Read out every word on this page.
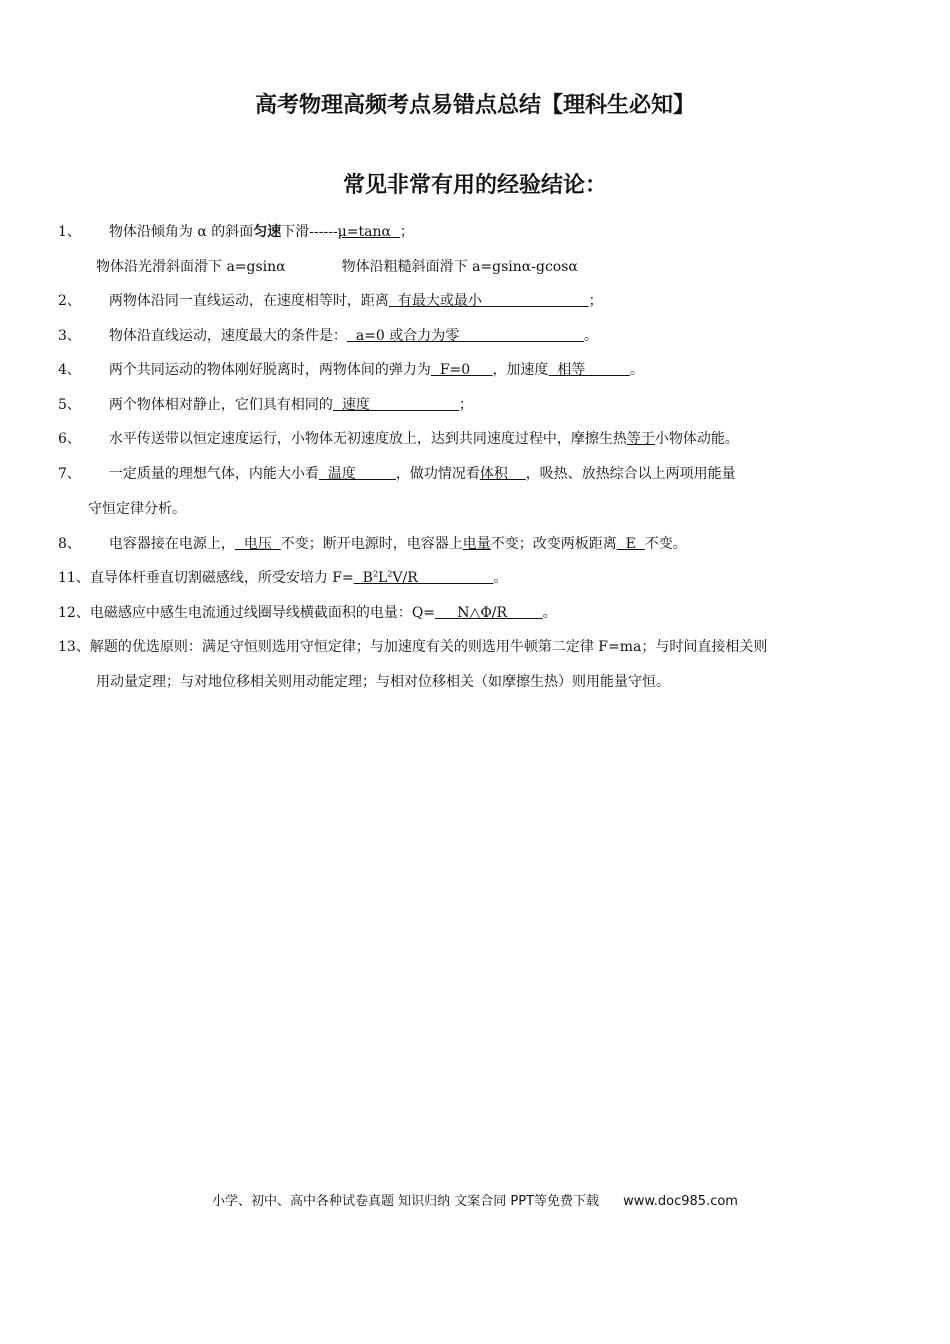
高考物理高频考点易错点总结【理科生必知】
常见非常有用的经验结论：
1、 物体沿倾角为 α 的斜面匀速下滑------μ=tanα  ；
物体沿光滑斜面滑下 a=gsinα	物体沿粗糙斜面滑下 a=gsinα-gcosα
2、 两物体沿同一直线运动，在速度相等时，距离  有最大或最小                        ；
3、 物体沿直线运动，速度最大的条件是：  a=0 或合力为零                            。
4、 两个共同运动的物体刚好脱离时，两物体间的弹力为  F=0     ，加速度  相等          。
5、 两个物体相对静止，它们具有相同的  速度                    ；
6、 水平传送带以恒定速度运行，小物体无初速度放上，达到共同速度过程中，摩擦生热等于小物体动能。
7、 一定质量的理想气体，内能大小看  温度         ，做功情况看体积    ，吸热、放热综合以上两项用能量
守恒定律分析。
8、 电容器接在电源上，  电压  不变；断开电源时，电容器上电量不变；改变两板距离  E  不变。
11、直导体杆垂直切割磁感线，所受安培力 $F= B^2L^2V/R$                 。
12、电磁感应中感生电流通过线圈导线横截面积的电量：Q=     N△Φ/R        。
13、解题的优选原则：满足守恒则选用守恒定律；与加速度有关的则选用牛顿第二定律 F=ma；与时间直接相关则
用动量定理；与对地位移相关则用动能定理；与相对位移相关（如摩擦生热）则用能量守恒。
小学、初中、高中各种试卷真题 知识归纳 文案合同 PPT等免费下载 www.doc985.com
